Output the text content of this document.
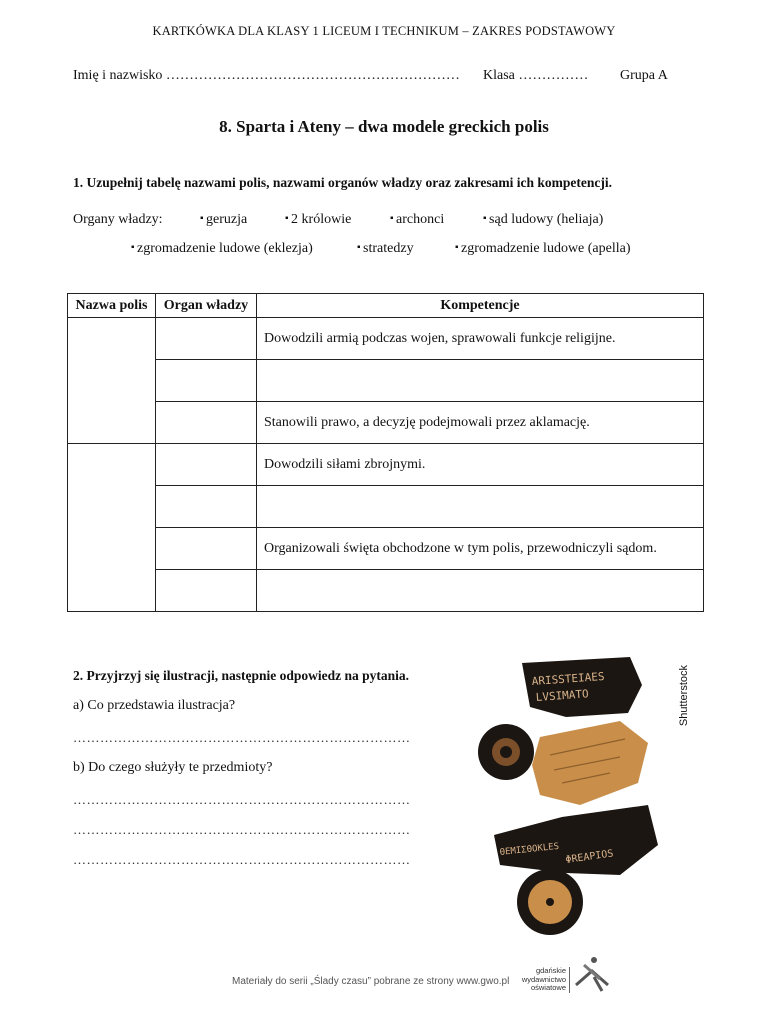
KARTKÓWKA DLA KLASY 1 LICEUM I TECHNIKUM – ZAKRES PODSTAWOWY
Imię i nazwisko ……………………………………………………… Klasa …………… Grupa A
8. Sparta i Ateny – dwa modele greckich polis
1. Uzupełnij tabelę nazwami polis, nazwami organów władzy oraz zakresami ich kompetencji.
Organy władzy:	▪ geruzja	▪ 2 królowie	▪ archonci	▪ sąd ludowy (heliaja)
▪ zgromadzenie ludowe (eklezja)	▪ stratedzy	▪ zgromadzenie ludowe (apella)
Nazwa polis	Organ władzy	Kompetencje
		Dowodzili armią podczas wojen, sprawowali funkcje religijne.

		Stanowili prawo, a decyzję podejmowali przez aklamację.
		Dowodzili siłami zbrojnymi.

		Organizowali święta obchodzone w tym polis, przewodniczyli sądom.

2. Przyjrzyj się ilustracji, następnie odpowiedz na pytania.
a) Co przedstawia ilustracja?
…………………………………………………………………
b) Do czego służyły te przedmioty?
…………………………………………………………………
…………………………………………………………………
…………………………………………………………………
ARISSTEIAES
LVSIMATO
ΘEMIΣΘOKLES ΦREAPIOS
Shutterstock
Materiały do serii „Ślady czasu” pobrane ze strony www.gwo.pl
gdańskie
wydawnictwo
oświatowe
